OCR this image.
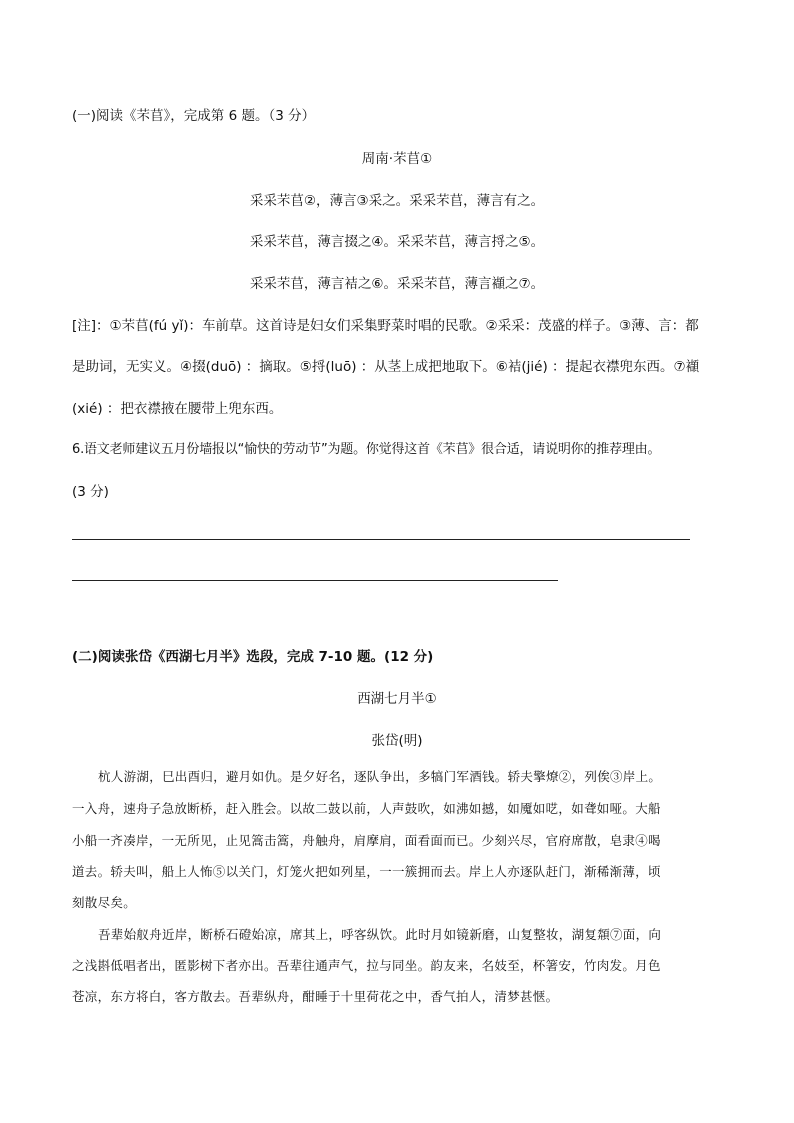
(一)阅读《芣苢》，完成第 6 题。（3 分）
周南·芣苢①
采采芣苢②，薄言③采之。采采芣苢，薄言有之。
采采芣苢，薄言掇之④。采采芣苢，薄言捋之⑤。
采采芣苢，薄言袺之⑥。采采芣苢，薄言襭之⑦。
[注]：①芣苢(fú yǐ)：车前草。这首诗是妇女们采集野菜时唱的民歌。②采采：茂盛的样子。③薄、言：都
是助词，无实义。④掇(duō) ：摘取。⑤捋(luō) ：从茎上成把地取下。⑥袺(jié) ：提起衣襟兜东西。⑦襭
(xié) ：把衣襟掖在腰带上兜东西。
6.语文老师建议五月份墙报以“愉快的劳动节”为题。你觉得这首《芣苢》很合适，请说明你的推荐理由。
(3 分)
(二)阅读张岱《西湖七月半》选段，完成 7-10 题。(12 分)
西湖七月半①
张岱(明)
杭人游湖，巳出酉归，避月如仇。是夕好名，逐队争出，多犒门军酒钱。轿夫擎燎②，列俟③岸上。
一入舟，速舟子急放断桥，赶入胜会。以故二鼓以前，人声鼓吹，如沸如撼，如魇如呓，如聋如哑。大船
小船一齐凑岸，一无所见，止见篙击篙，舟触舟，肩摩肩，面看面而已。少刻兴尽，官府席散，皂隶④喝
道去。轿夫叫，船上人怖⑤以关门，灯笼火把如列星，一一簇拥而去。岸上人亦逐队赶门，渐稀渐薄，顷
刻散尽矣。
吾辈始舣舟近岸，断桥石磴始凉，席其上，呼客纵饮。此时月如镜新磨，山复整妆，湖复頮⑦面，向
之浅斟低唱者出，匿影树下者亦出。吾辈往通声气，拉与同坐。韵友来，名妓至，杯箸安，竹肉发。月色
苍凉，东方将白，客方散去。吾辈纵舟，酣睡于十里荷花之中，香气拍人，清梦甚惬。
